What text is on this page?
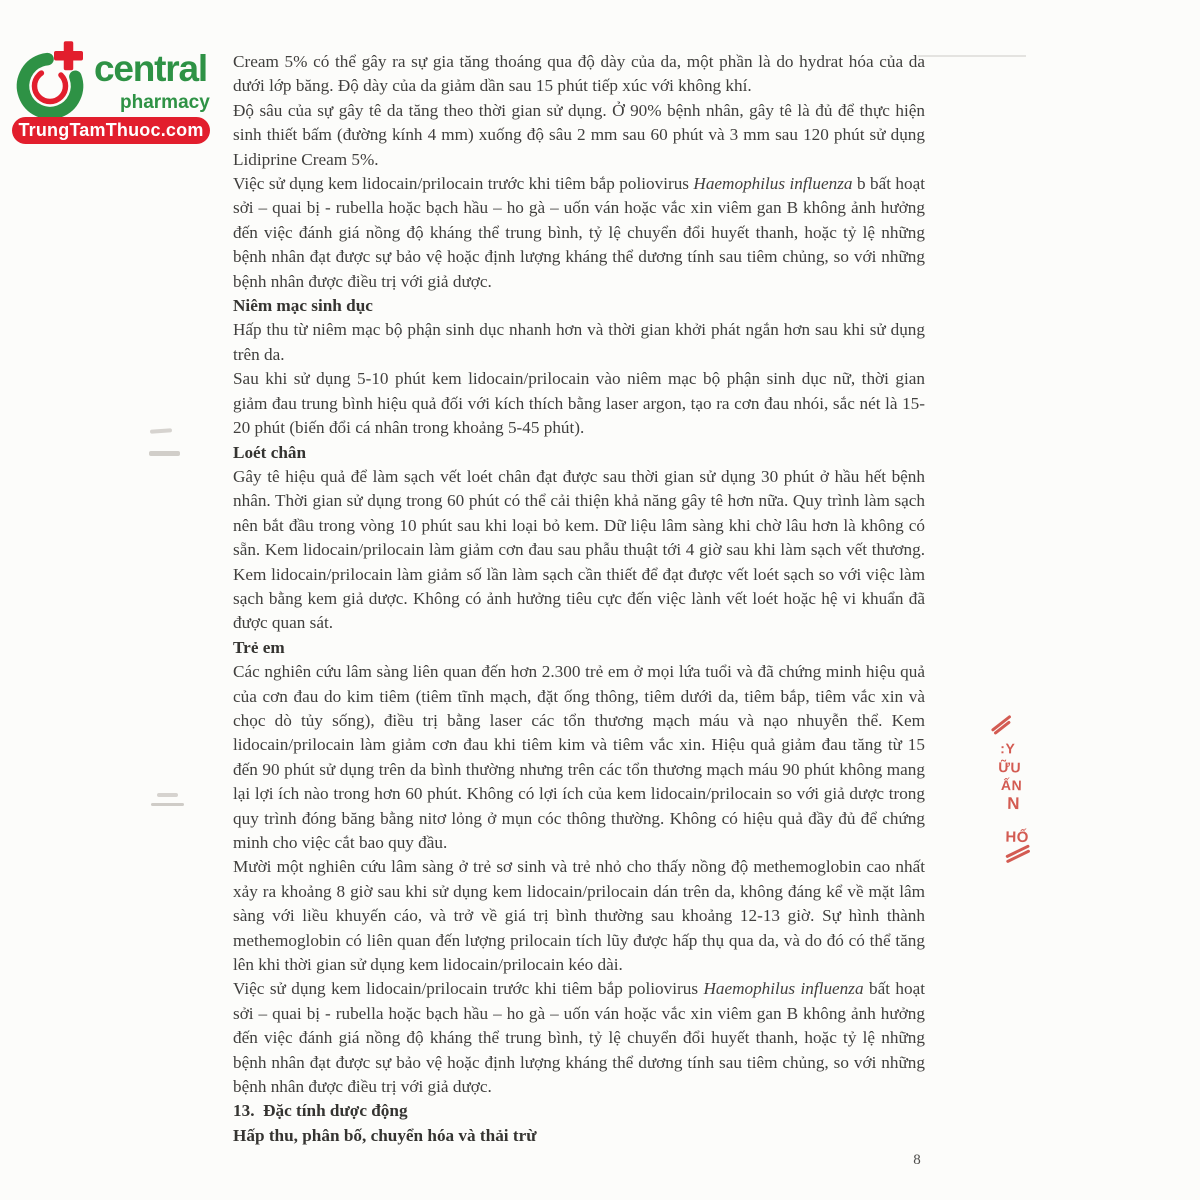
central
pharmacy
TrungTamThuoc.com

Cream 5% có thể gây ra sự gia tăng thoáng qua độ dày của da, một phần là do hydrat hóa của da dưới lớp băng. Độ dày của da giảm dần sau 15 phút tiếp xúc với không khí.

Độ sâu của sự gây tê da tăng theo thời gian sử dụng. Ở 90% bệnh nhân, gây tê là đủ để thực hiện sinh thiết bấm (đường kính 4 mm) xuống độ sâu 2 mm sau 60 phút và 3 mm sau 120 phút sử dụng Lidiprine Cream 5%.

Việc sử dụng kem lidocain/prilocain trước khi tiêm bắp poliovirus Haemophilus influenza b bất hoạt sởi – quai bị - rubella hoặc bạch hầu – ho gà – uốn ván hoặc vắc xin viêm gan B không ảnh hưởng đến việc đánh giá nồng độ kháng thể trung bình, tỷ lệ chuyển đổi huyết thanh, hoặc tỷ lệ những bệnh nhân đạt được sự bảo vệ hoặc định lượng kháng thể dương tính sau tiêm chủng, so với những bệnh nhân được điều trị với giả dược.

Niêm mạc sinh dục

Hấp thu từ niêm mạc bộ phận sinh dục nhanh hơn và thời gian khởi phát ngắn hơn sau khi sử dụng trên da.

Sau khi sử dụng 5-10 phút kem lidocain/prilocain vào niêm mạc bộ phận sinh dục nữ, thời gian giảm đau trung bình hiệu quả đối với kích thích bằng laser argon, tạo ra cơn đau nhói, sắc nét là 15-20 phút (biến đổi cá nhân trong khoảng 5-45 phút).

Loét chân

Gây tê hiệu quả để làm sạch vết loét chân đạt được sau thời gian sử dụng 30 phút ở hầu hết bệnh nhân. Thời gian sử dụng trong 60 phút có thể cải thiện khả năng gây tê hơn nữa. Quy trình làm sạch nên bắt đầu trong vòng 10 phút sau khi loại bỏ kem. Dữ liệu lâm sàng khi chờ lâu hơn là không có sẵn. Kem lidocain/prilocain làm giảm cơn đau sau phẫu thuật tới 4 giờ sau khi làm sạch vết thương. Kem lidocain/prilocain làm giảm số lần làm sạch cần thiết để đạt được vết loét sạch so với việc làm sạch bằng kem giả dược. Không có ảnh hưởng tiêu cực đến việc lành vết loét hoặc hệ vi khuẩn đã được quan sát.

Trẻ em

Các nghiên cứu lâm sàng liên quan đến hơn 2.300 trẻ em ở mọi lứa tuổi và đã chứng minh hiệu quả của cơn đau do kim tiêm (tiêm tĩnh mạch, đặt ống thông, tiêm dưới da, tiêm bắp, tiêm vắc xin và chọc dò tủy sống), điều trị bằng laser các tổn thương mạch máu và nạo nhuyễn thể. Kem lidocain/prilocain làm giảm cơn đau khi tiêm kim và tiêm vắc xin. Hiệu quả giảm đau tăng từ 15 đến 90 phút sử dụng trên da bình thường nhưng trên các tổn thương mạch máu 90 phút không mang lại lợi ích nào trong hơn 60 phút. Không có lợi ích của kem lidocain/prilocain so với giả dược trong quy trình đóng băng bằng nitơ lỏng ở mụn cóc thông thường. Không có hiệu quả đầy đủ để chứng minh cho việc cắt bao quy đầu.

Mười một nghiên cứu lâm sàng ở trẻ sơ sinh và trẻ nhỏ cho thấy nồng độ methemoglobin cao nhất xảy ra khoảng 8 giờ sau khi sử dụng kem lidocain/prilocain dán trên da, không đáng kể về mặt lâm sàng với liều khuyến cáo, và trở về giá trị bình thường sau khoảng 12-13 giờ. Sự hình thành methemoglobin có liên quan đến lượng prilocain tích lũy được hấp thụ qua da, và do đó có thể tăng lên khi thời gian sử dụng kem lidocain/prilocain kéo dài.

Việc sử dụng kem lidocain/prilocain trước khi tiêm bắp poliovirus Haemophilus influenza bất hoạt sởi – quai bị - rubella hoặc bạch hầu – ho gà – uốn ván hoặc vắc xin viêm gan B không ảnh hưởng đến việc đánh giá nồng độ kháng thể trung bình, tỷ lệ chuyển đổi huyết thanh, hoặc tỷ lệ những bệnh nhân đạt được sự bảo vệ hoặc định lượng kháng thể dương tính sau tiêm chủng, so với những bệnh nhân được điều trị với giả dược.

13.  Đặc tính dược động

Hấp thu, phân bố, chuyển hóa và thải trừ

:Y
ỮU
ẤN
N
HỐ
8
